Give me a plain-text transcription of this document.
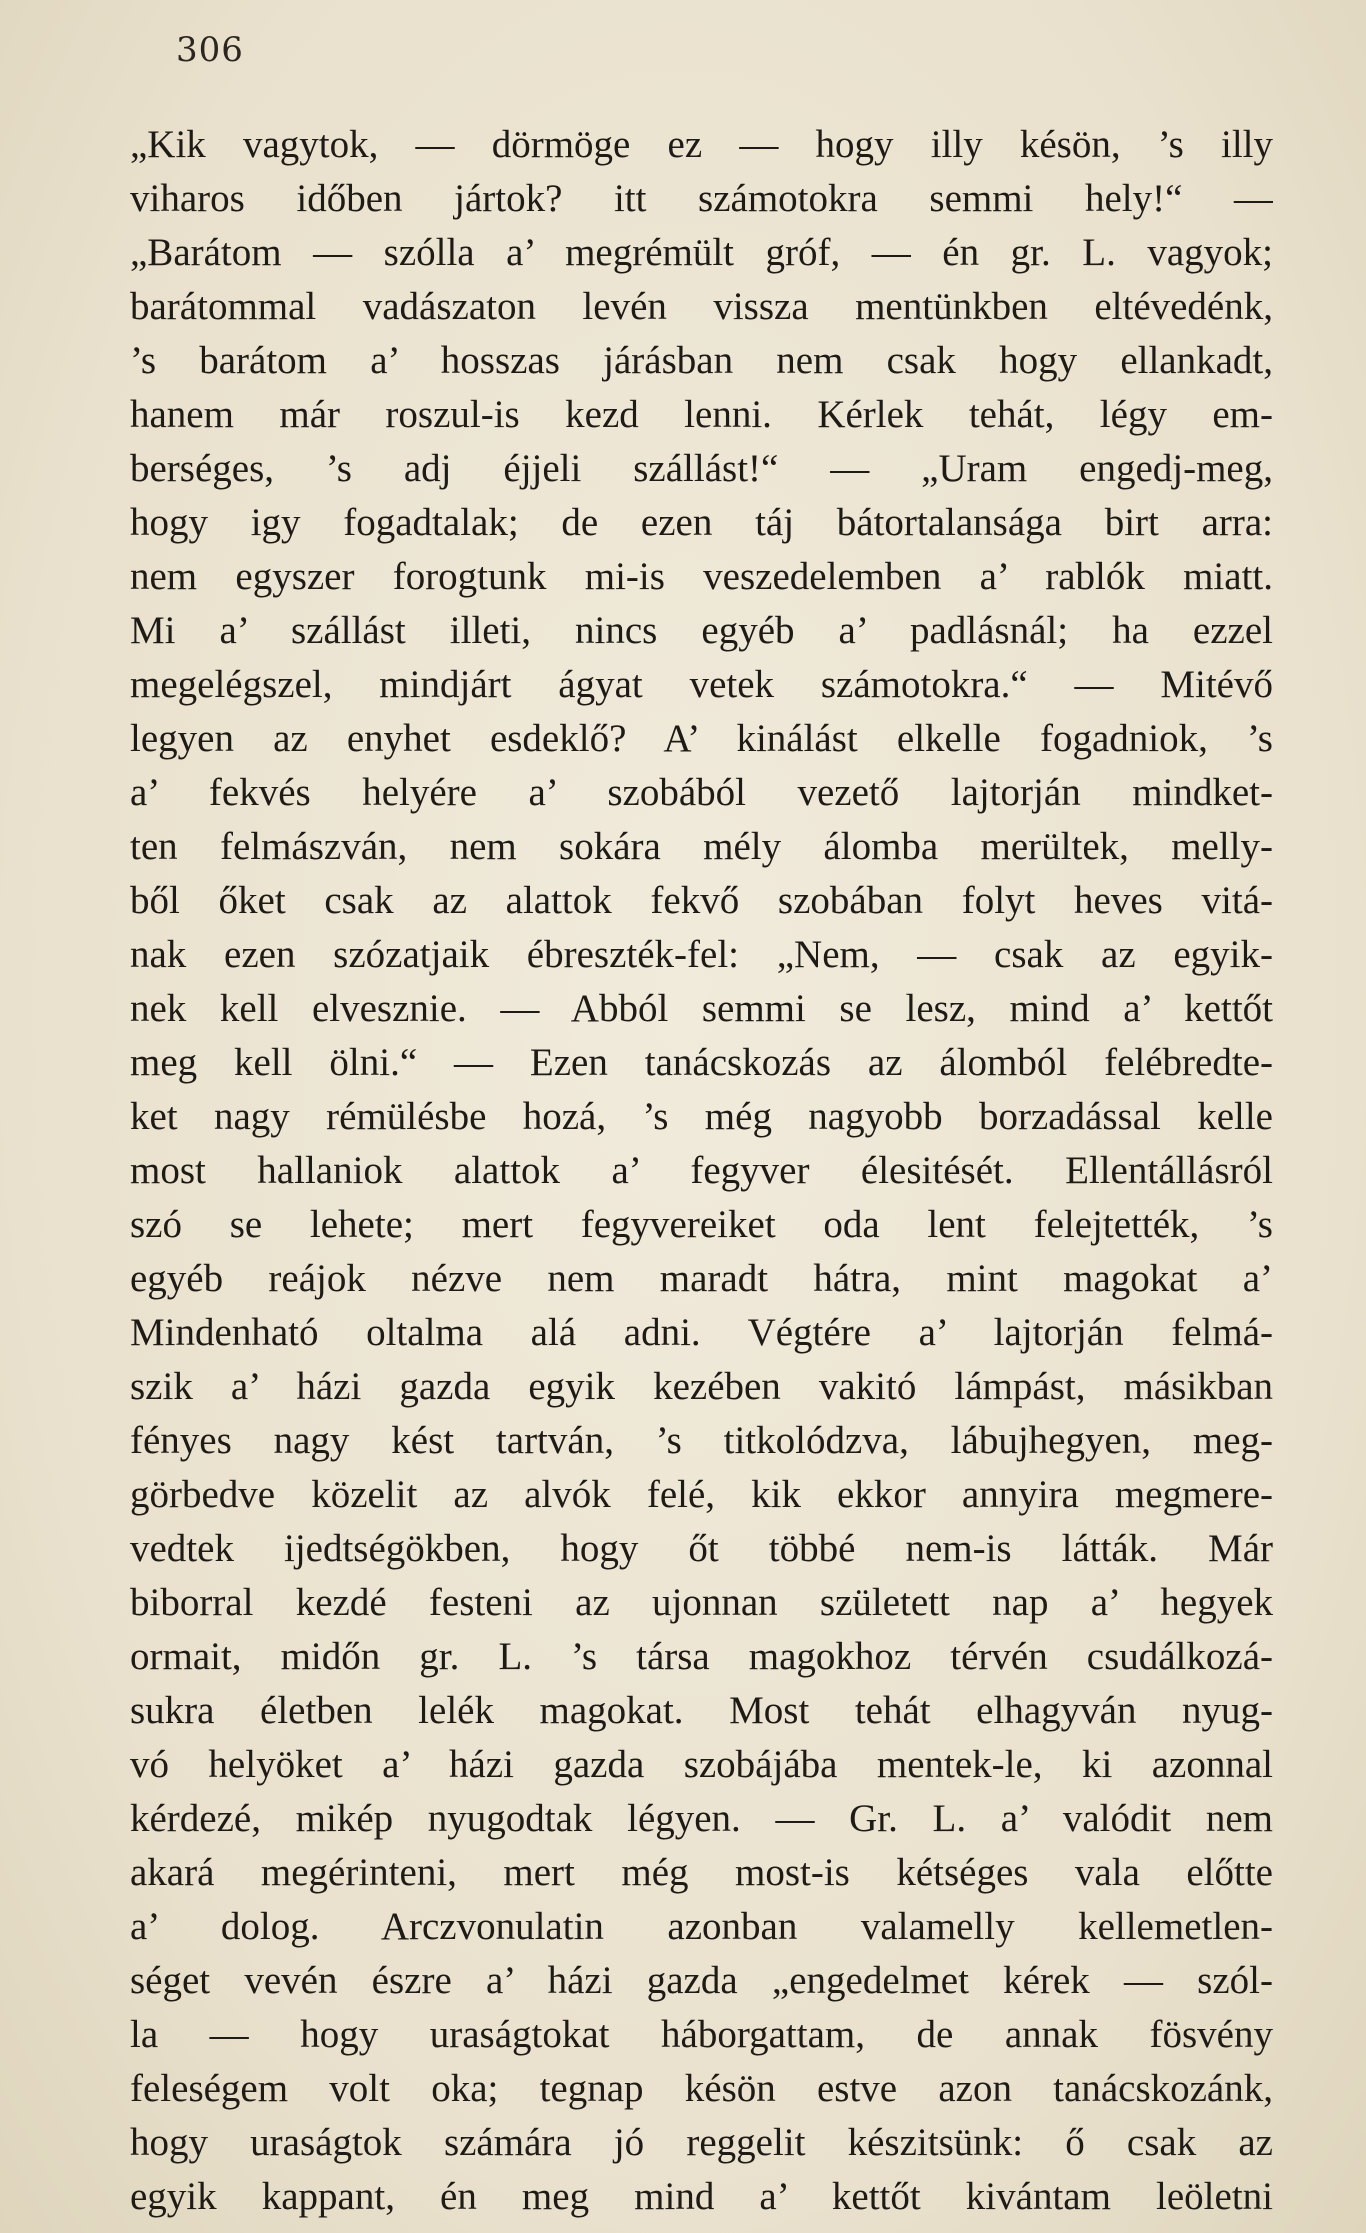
306
„Kik vagytok, — dörmöge ez — hogy illy késön, ’s illy
viharos időben jártok? itt számotokra semmi hely!“ —
„Barátom — szólla a’ megrémült gróf, — én gr. L. vagyok;
barátommal vadászaton levén vissza mentünkben eltévedénk,
’s barátom a’ hosszas járásban nem csak hogy ellankadt,
hanem már roszul-is kezd lenni. Kérlek tehát, légy em-
berséges, ’s adj éjjeli szállást!“ — „Uram engedj-meg,
hogy igy fogadtalak; de ezen táj bátortalansága birt arra:
nem egyszer forogtunk mi-is veszedelemben a’ rablók miatt.
Mi a’ szállást illeti, nincs egyéb a’ padlásnál; ha ezzel
megelégszel, mindjárt ágyat vetek számotokra.“ — Mitévő
legyen az enyhet esdeklő? A’ kinálást elkelle fogadniok, ’s
a’ fekvés helyére a’ szobából vezető lajtorján mindket-
ten felmászván, nem sokára mély álomba merültek, melly-
ből őket csak az alattok fekvő szobában folyt heves vitá-
nak ezen szózatjaik ébreszték-fel: „Nem, — csak az egyik-
nek kell elvesznie. — Abból semmi se lesz, mind a’ kettőt
meg kell ölni.“ — Ezen tanácskozás az álomból felébredte-
ket nagy rémülésbe hozá, ’s még nagyobb borzadással kelle
most hallaniok alattok a’ fegyver élesitését. Ellentállásról
szó se lehete; mert fegyvereiket oda lent felejtették, ’s
egyéb reájok nézve nem maradt hátra, mint magokat a’
Mindenható oltalma alá adni. Végtére a’ lajtorján felmá-
szik a’ házi gazda egyik kezében vakitó lámpást, másikban
fényes nagy kést tartván, ’s titkolódzva, lábujhegyen, meg-
görbedve közelit az alvók felé, kik ekkor annyira megmere-
vedtek ijedtségökben, hogy őt többé nem-is látták. Már
biborral kezdé festeni az ujonnan született nap a’ hegyek
ormait, midőn gr. L. ’s társa magokhoz térvén csudálkozá-
sukra életben lelék magokat. Most tehát elhagyván nyug-
vó helyöket a’ házi gazda szobájába mentek-le, ki azonnal
kérdezé, mikép nyugodtak légyen. — Gr. L. a’ valódit nem
akará megérinteni, mert még most-is kétséges vala előtte
a’ dolog. Arczvonulatin azonban valamelly kellemetlen-
séget vevén észre a’ házi gazda „engedelmet kérek — szól-
la — hogy uraságtokat háborgattam, de annak fösvény
feleségem volt oka; tegnap késön estve azon tanácskozánk,
hogy uraságtok számára jó reggelit készitsünk: ő csak az
egyik kappant, én meg mind a’ kettőt kivántam leöletni
